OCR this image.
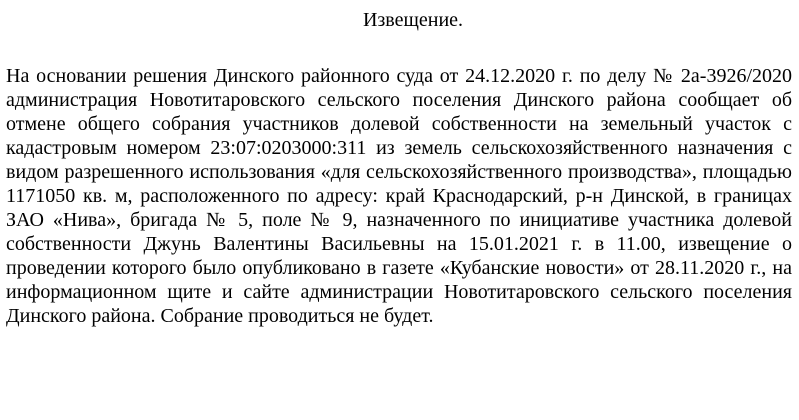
Извещение.
На основании решения Динского районного суда от 24.12.2020 г. по делу № 2а-3926/2020 администрация Новотитаровского сельского поселения Динского района сообщает об отмене общего собрания участников долевой собственности на земельный участок с кадастровым номером 23:07:0203000:311 из земель сельскохозяйственного назначения с видом разрешенного использования «для сельскохозяйственного производства», площадью 1171050 кв. м, расположенного по адресу: край Краснодарский, р-н Динской, в границах ЗАО «Нива», бригада № 5, поле № 9, назначенного по инициативе участника долевой собственности Джунь Валентины Васильевны на 15.01.2021 г. в 11.00, извещение о проведении которого было опубликовано в газете «Кубанские новости» от 28.11.2020 г., на информационном щите и сайте администрации Новотитаровского сельского поселения Динского района. Собрание проводиться не будет.
